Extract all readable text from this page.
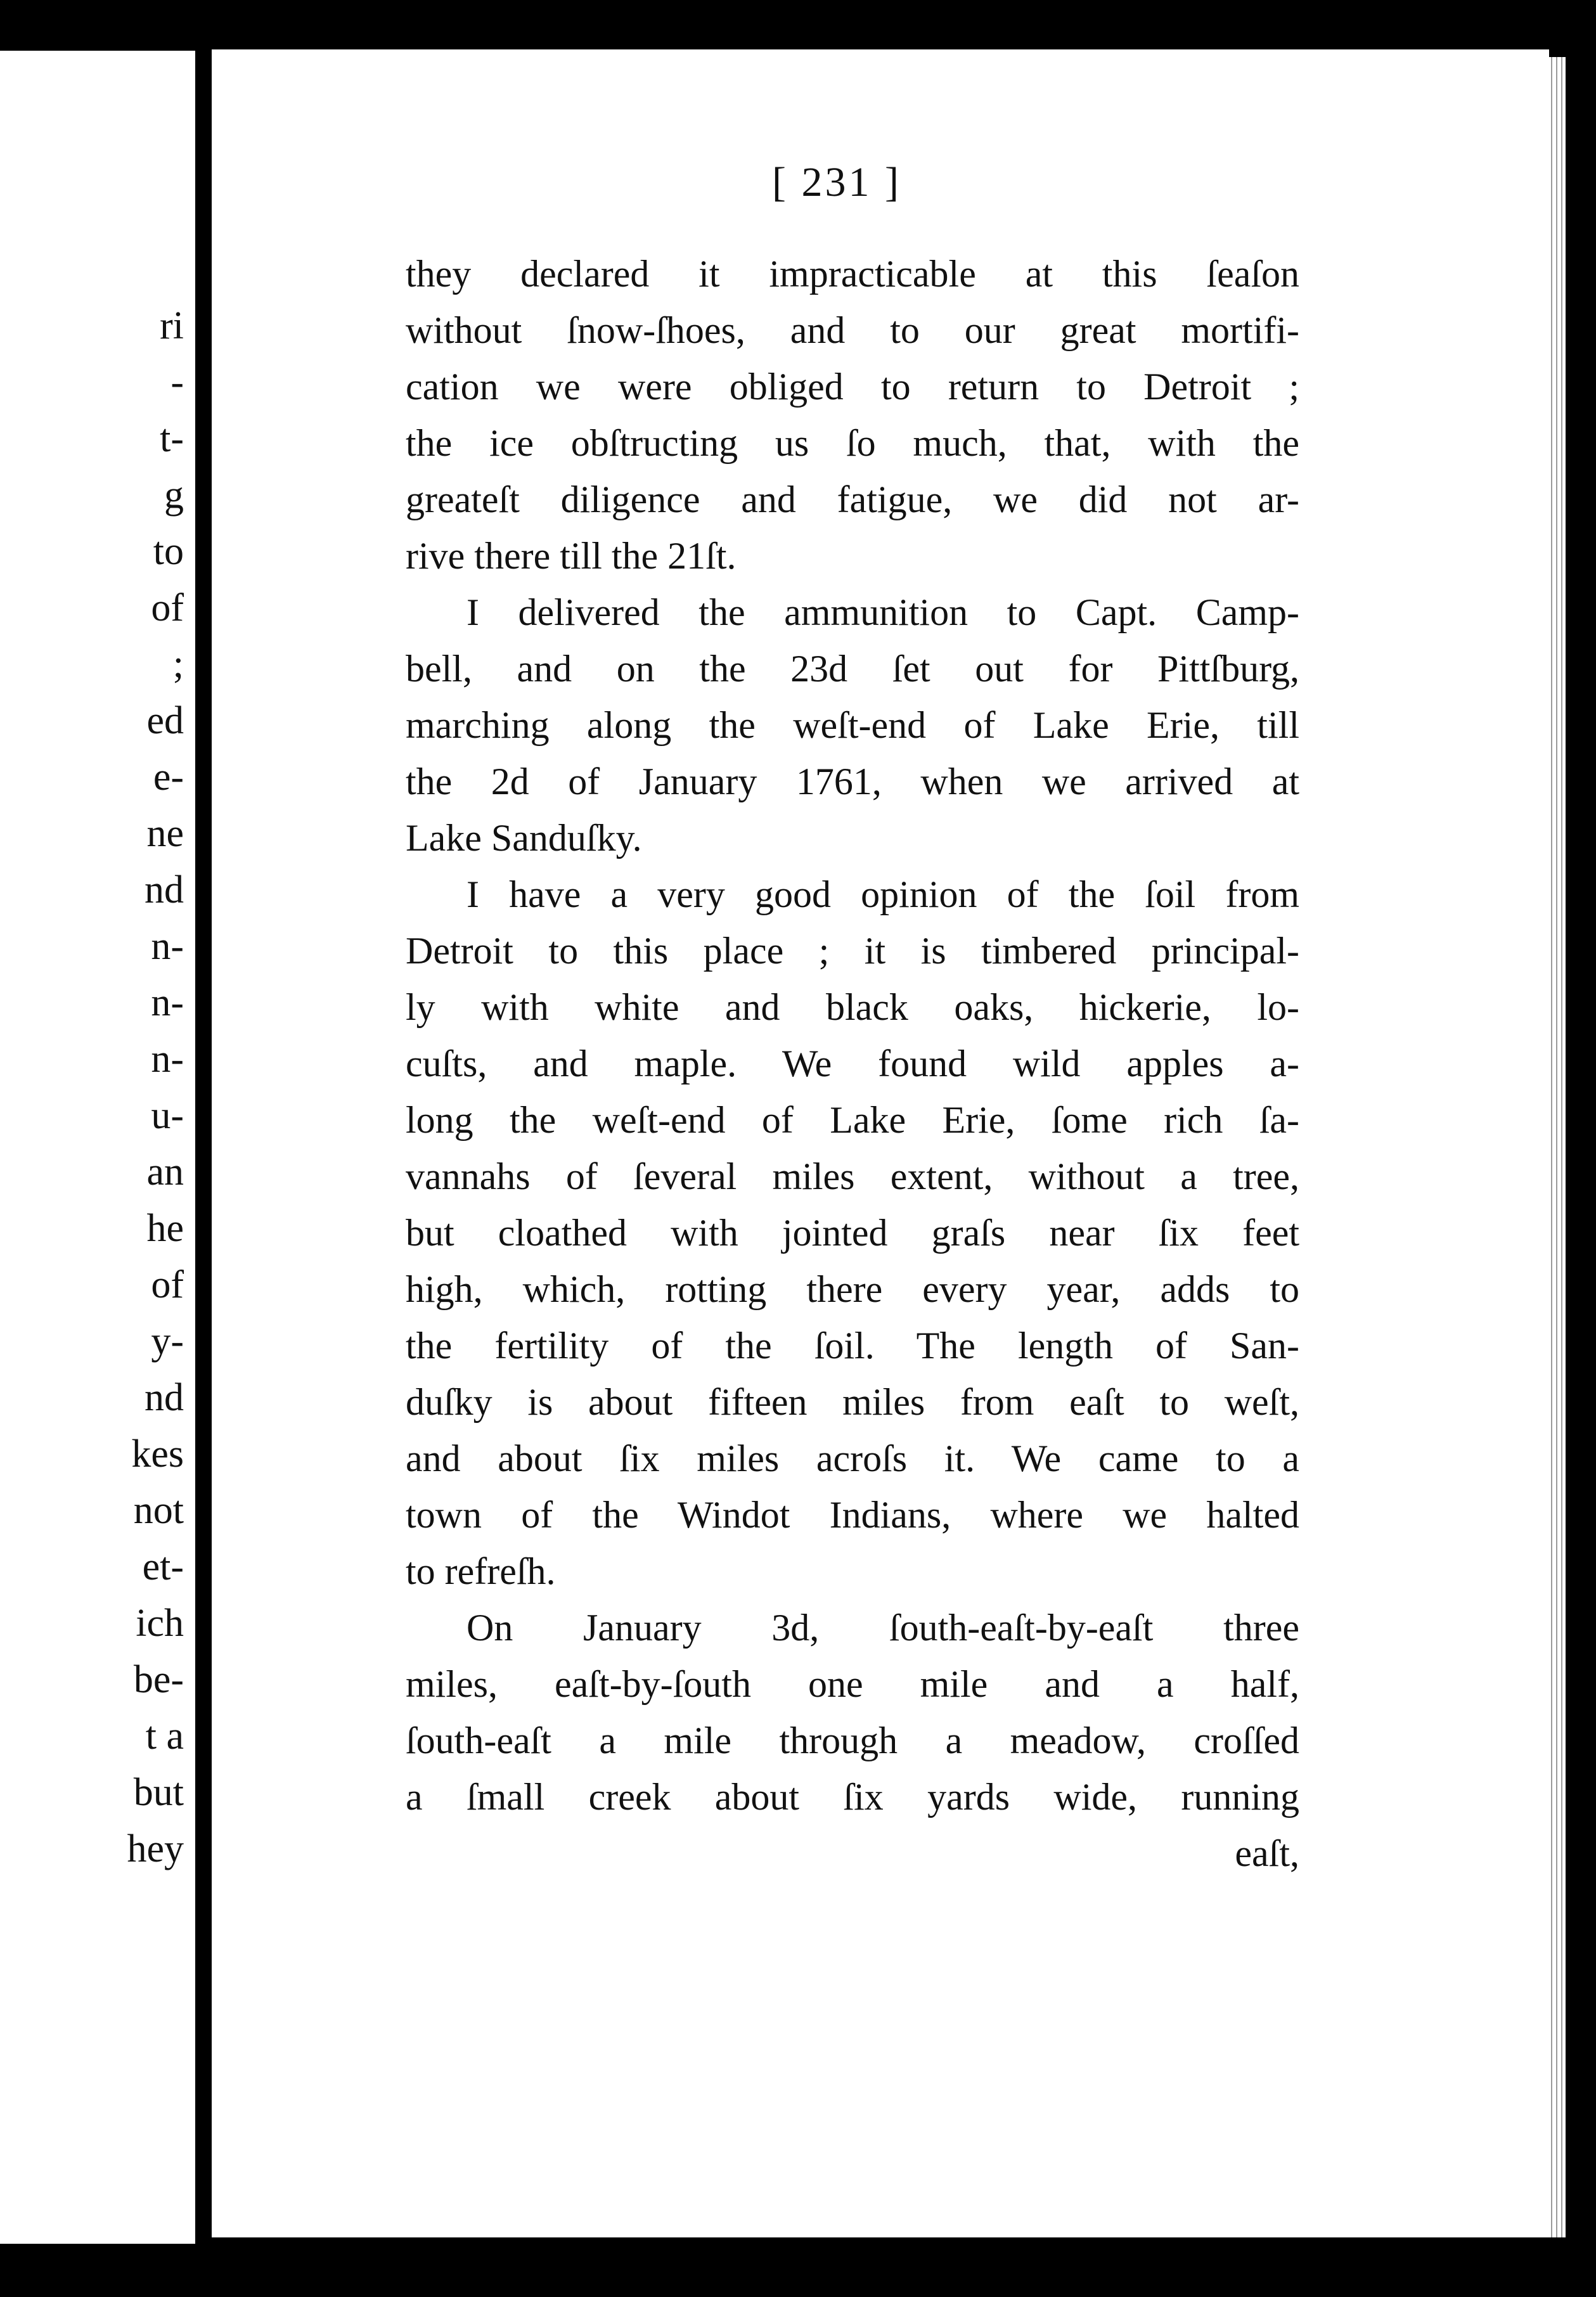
ri
-
t-
g
to
of
;
ed
e-
ne
nd
n-
n-
n-
u-
an
he
of
y-
nd
kes
not
et-
ich
be-
t a
but
hey
[ 231 ]

they declared it impracticable at this ſeaſon
without ſnow-ſhoes, and to our great mortifi-
cation we were obliged to return to Detroit ;
the ice obſtructing us ſo much, that, with the
greateſt diligence and fatigue, we did not ar-
rive there till the 21ſt.

I delivered the ammunition to Capt. Camp-
bell, and on the 23d ſet out for Pittſburg,
marching along the weſt-end of Lake Erie, till
the 2d of January 1761, when we arrived at
Lake Sanduſky.

I have a very good opinion of the ſoil from
Detroit to this place ; it is timbered principal-
ly with white and black oaks, hickerie, lo-
cuſts, and maple. We found wild apples a-
long the weſt-end of Lake Erie, ſome rich ſa-
vannahs of ſeveral miles extent, without a tree,
but cloathed with jointed graſs near ſix feet
high, which, rotting there every year, adds to
the fertility of the ſoil. The length of San-
duſky is about fifteen miles from eaſt to weſt,
and about ſix miles acroſs it. We came to a
town of the Windot Indians, where we halted
to refreſh.

On January 3d, ſouth-eaſt-by-eaſt three
miles, eaſt-by-ſouth one mile and a half,
ſouth-eaſt a mile through a meadow, croſſed
a ſmall creek about ſix yards wide, running

eaſt,
